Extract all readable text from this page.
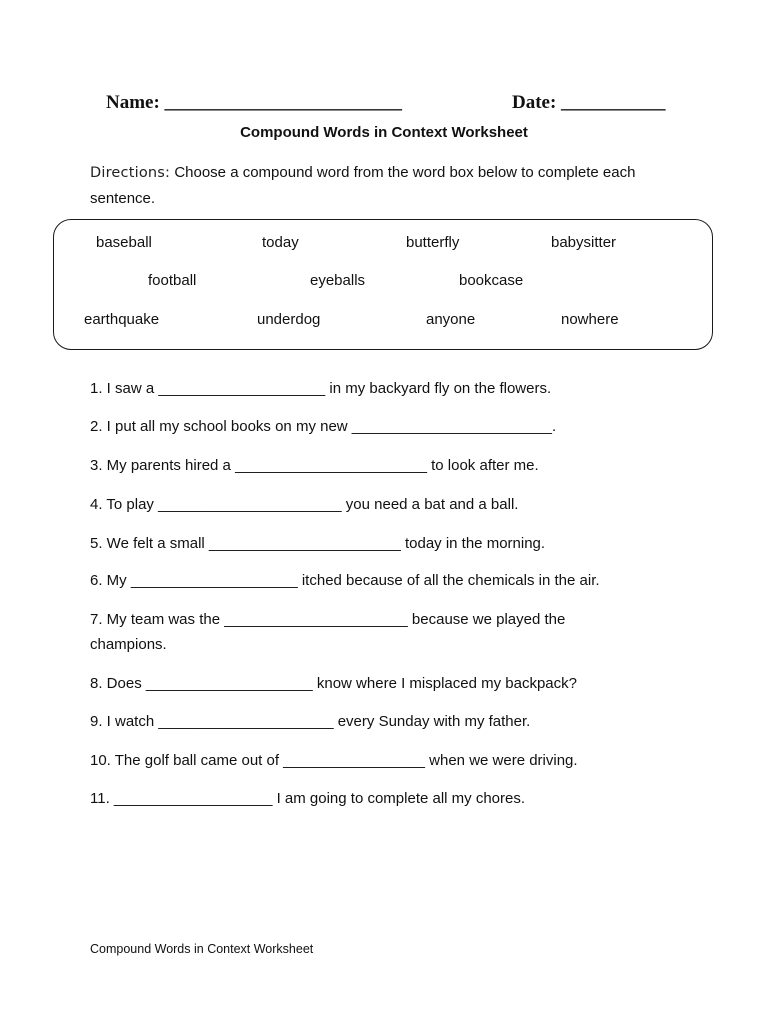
Name: _________________________	Date: ___________
Compound Words in Context Worksheet
Directions: Choose a compound word from the word box below to complete each sentence.
baseball	today	butterfly	babysitter
football	eyeballs	bookcase
earthquake	underdog	anyone	nowhere
1. I saw a ____________________ in my backyard fly on the flowers.
2. I put all my school books on my new ________________________.
3. My parents hired a _______________________ to look after me.
4. To play ______________________ you need a bat and a ball.
5. We felt a small _______________________ today in the morning.
6. My ____________________ itched because of all the chemicals in the air.
7. My team was the ______________________ because we played the champions.
8. Does ____________________ know where I misplaced my backpack?
9. I watch _____________________ every Sunday with my father.
10. The golf ball came out of _________________ when we were driving.
11. ___________________ I am going to complete all my chores.
Compound Words in Context Worksheet
